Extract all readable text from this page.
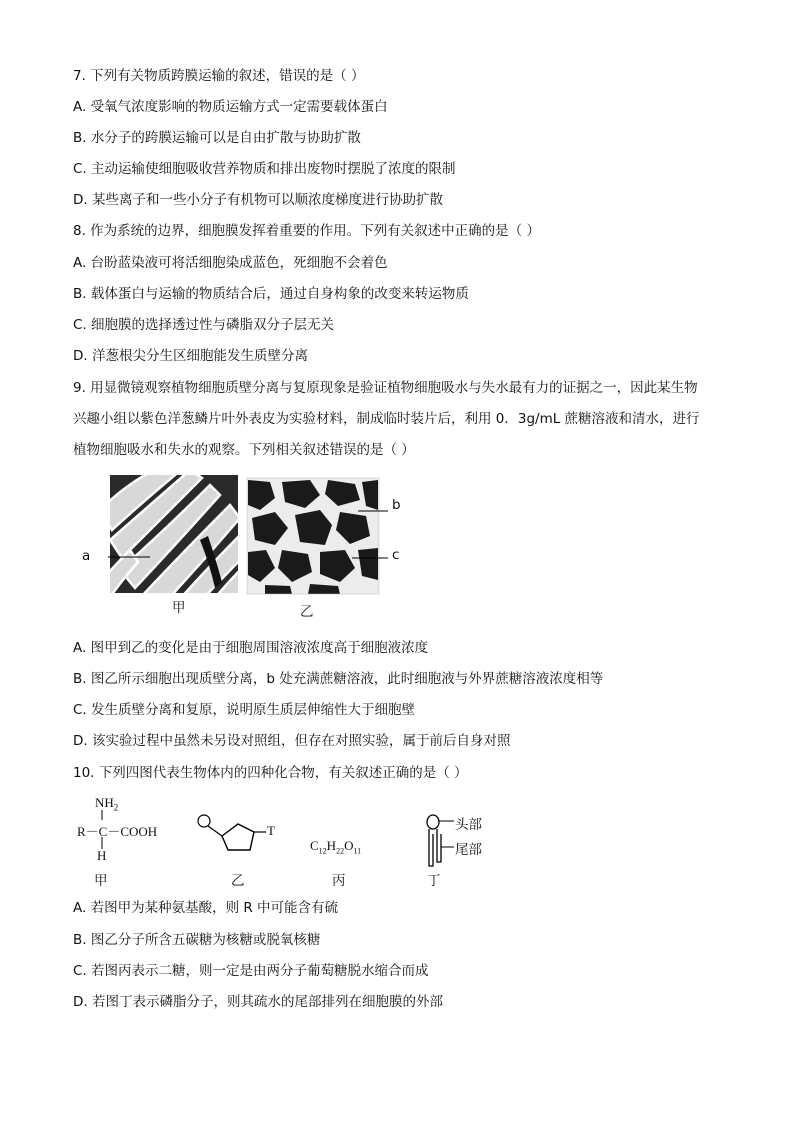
7. 下列有关物质跨膜运输的叙述，错误的是（ ）
A. 受氧气浓度影响的物质运输方式一定需要载体蛋白
B. 水分子的跨膜运输可以是自由扩散与协助扩散
C. 主动运输使细胞吸收营养物质和排出废物时摆脱了浓度的限制
D. 某些离子和一些小分子有机物可以顺浓度梯度进行协助扩散
8. 作为系统的边界，细胞膜发挥着重要的作用。下列有关叙述中正确的是（ ）
A. 台盼蓝染液可将活细胞染成蓝色，死细胞不会着色
B. 载体蛋白与运输的物质结合后，通过自身构象的改变来转运物质
C. 细胞膜的选择透过性与磷脂双分子层无关
D. 洋葱根尖分生区细胞能发生质壁分离
9. 用显微镜观察植物细胞质壁分离与复原现象是验证植物细胞吸水与失水最有力的证据之一，因此某生物
兴趣小组以紫色洋葱鳞片叶外表皮为实验材料，制成临时装片后，利用 0．3g/mL 蔗糖溶液和清水，进行
植物细胞吸水和失水的观察。下列相关叙述错误的是（ ）
a
b
c
甲	乙
A. 图甲到乙的变化是由于细胞周围溶液浓度高于细胞液浓度
B. 图乙所示细胞出现质壁分离，b 处充满蔗糖溶液，此时细胞液与外界蔗糖溶液浓度相等
C. 发生质壁分离和复原，说明原生质层伸缩性大于细胞壁
D. 该实验过程中虽然未另设对照组，但存在对照实验，属于前后自身对照
10. 下列四图代表生物体内的四种化合物，有关叙述正确的是（ ）
$NH_2$
R－C－COOH
H
甲
T
乙
$C_{12}H_{22}O_{11}$
丙
头部
尾部
丁
A. 若图甲为某种氨基酸，则 R 中可能含有硫
B. 图乙分子所含五碳糖为核糖或脱氧核糖
C. 若图丙表示二糖，则一定是由两分子葡萄糖脱水缩合而成
D. 若图丁表示磷脂分子，则其疏水的尾部排列在细胞膜的外部
